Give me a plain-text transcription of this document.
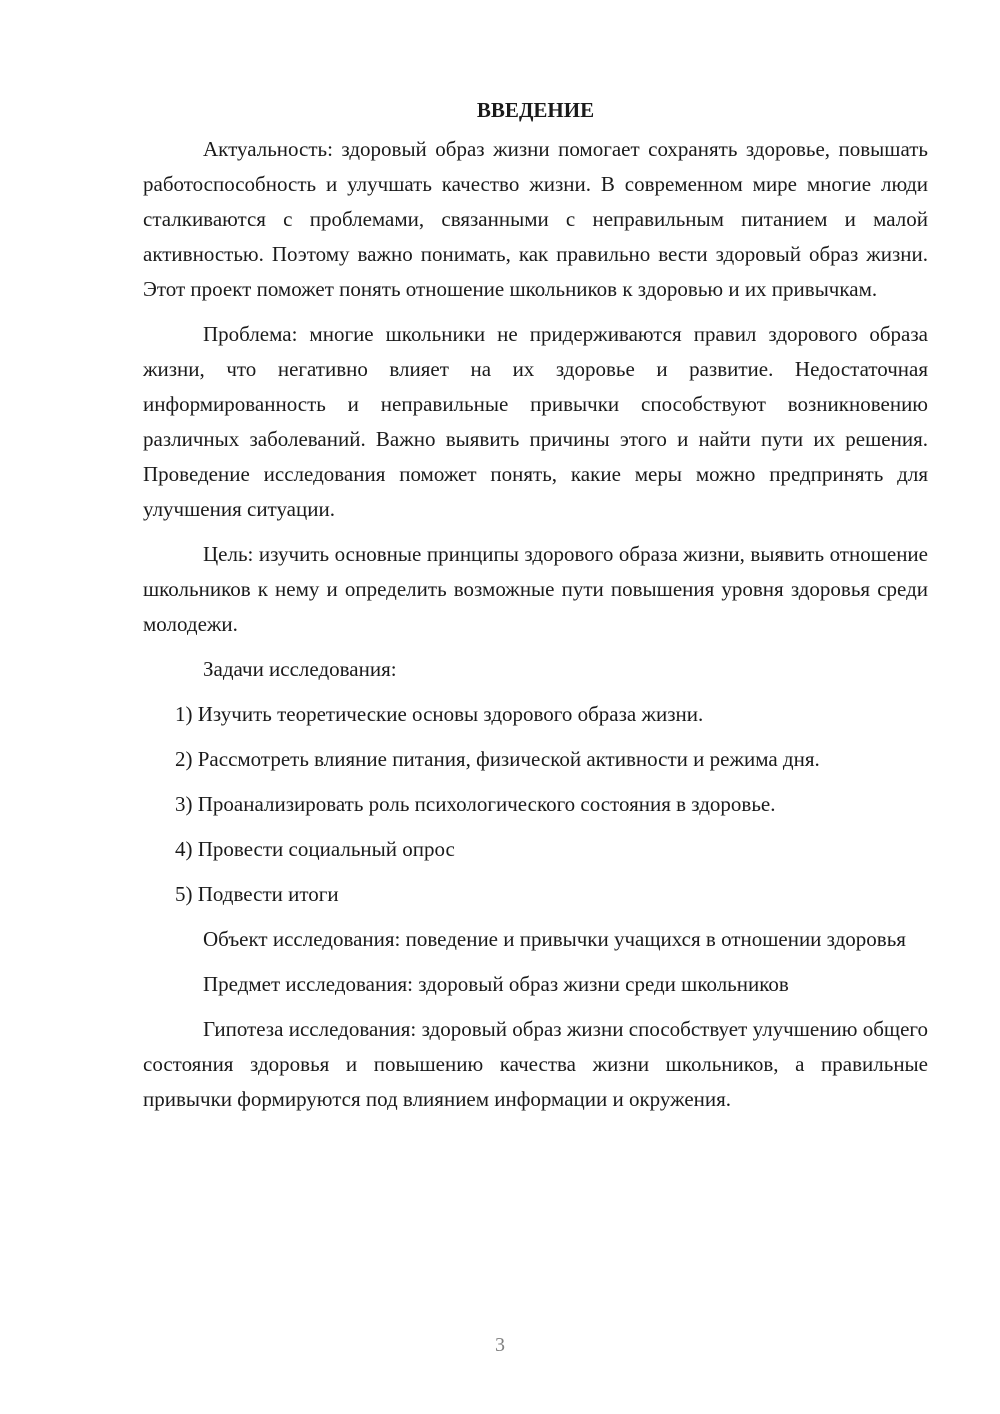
ВВЕДЕНИЕ

Актуальность: здоровый образ жизни помогает сохранять здоровье, повышать работоспособность и улучшать качество жизни. В современном мире многие люди сталкиваются с проблемами, связанными с неправильным питанием и малой активностью. Поэтому важно понимать, как правильно вести здоровый образ жизни. Этот проект поможет понять отношение школьников к здоровью и их привычкам.

Проблема: многие школьники не придерживаются правил здорового образа жизни, что негативно влияет на их здоровье и развитие. Недостаточная информированность и неправильные привычки способствуют возникновению различных заболеваний. Важно выявить причины этого и найти пути их решения. Проведение исследования поможет понять, какие меры можно предпринять для улучшения ситуации.

Цель: изучить основные принципы здорового образа жизни, выявить отношение школьников к нему и определить возможные пути повышения уровня здоровья среди молодежи.

Задачи исследования:

1) Изучить теоретические основы здорового образа жизни.

2) Рассмотреть влияние питания, физической активности и режима дня.

3) Проанализировать роль психологического состояния в здоровье.

4) Провести социальный опрос

5) Подвести итоги

Объект исследования: поведение и привычки учащихся в отношении здоровья

Предмет исследования: здоровый образ жизни среди школьников

Гипотеза исследования: здоровый образ жизни способствует улучшению общего состояния здоровья и повышению качества жизни школьников, а правильные привычки формируются под влиянием информации и окружения.

3
